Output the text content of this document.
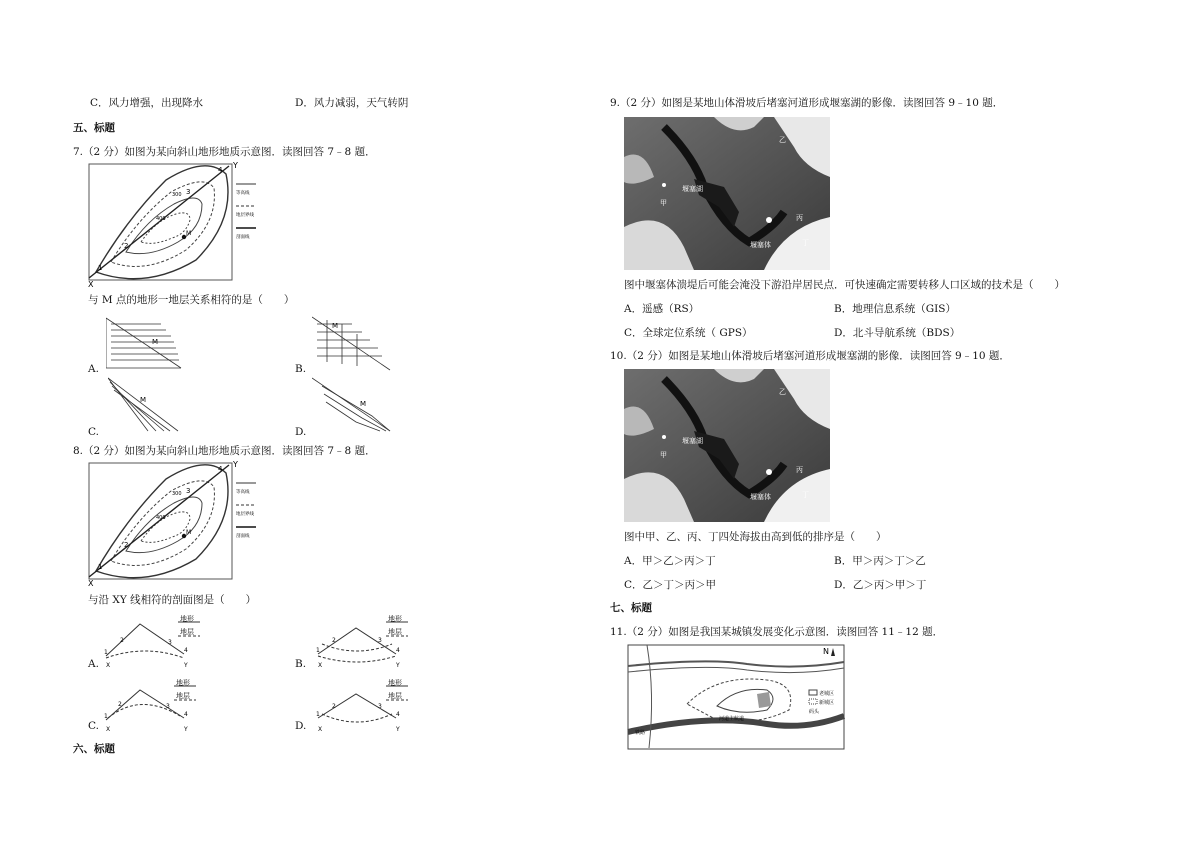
C．风力增强，出现降水	D．风力减弱，天气转阴
五、标题
7.（2 分）如图为某向斜山地形地质示意图．读图回答 7﹣8 题．
M
Y
X
300
400
4
3
2
1
等高线
地层界线
剖面线
与 M 点的地形一地层关系相符的是（　　）
M
A.
M
B.
M
C.
M
D.
8.（2 分）如图为某向斜山地形地质示意图．读图回答 7﹣8 题．
M
Y
X
300
400
4
3
2
1
等高线
地层界线
剖面线
与沿 XY 线相符的剖面图是（　　）
地形
地层
1
2	3
4
X	Y
A.
地形
地层
1
2	3
4
X	Y
B.
地形
地层
1
2	3
4
X	Y
C.
地形
地层
1
2	3
4
X	Y
D.
六、标题
9.（2 分）如图是某地山体滑坡后堵塞河道形成堰塞湖的影像．读图回答 9﹣10 题．
堰塞湖
堰塞体
甲
乙
丙
丁
图中堰塞体溃堤后可能会淹没下游沿岸居民点．可快速确定需要转移人口区域的技术是（　　）
A．遥感（RS）	B．地理信息系统（GIS）
C．全球定位系统（ GPS）	D．北斗导航系统（BDS）
10.（2 分）如图是某地山体滑坡后堵塞河道形成堰塞湖的影像．读图回答 9﹣10 题．
堰塞湖
堰塞体
甲
乙
丙
丁
图中甲、乙、丙、丁四处海拔由高到低的排序是（　　）
A．甲＞乙＞丙＞丁	B．甲＞丙＞丁＞乙
C．乙＞丁＞丙＞甲	D．乙＞丙＞甲＞丁
七、标题
11.（2 分）如图是我国某城镇发展变化示意图．读图回答 11﹣12 题．
N
老城区
新城区
码头
河道主航道
铁路
